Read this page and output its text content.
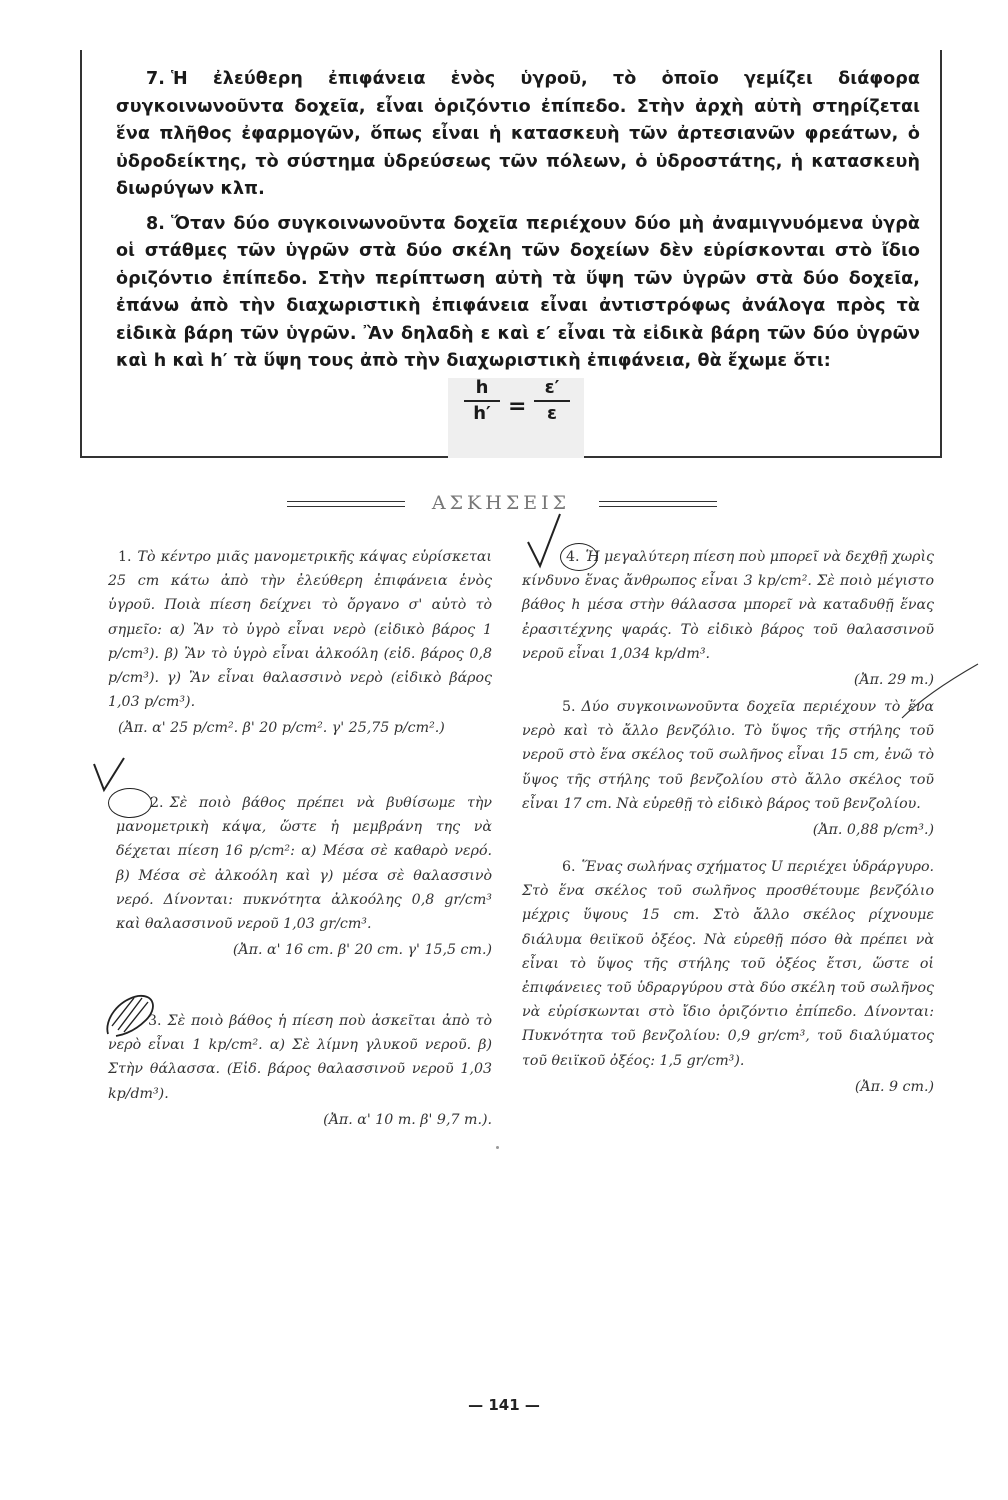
7. Ἡ ἐλεύθερη ἐπιφάνεια ἑνὸς ὑγροῦ, τὸ ὁποῖο γεμίζει διάφορα συγκοινωνοῦντα δοχεῖα, εἶναι ὁριζόντιο ἐπίπεδο. Στὴν ἀρχὴ αὐτὴ στηρίζεται ἕνα πλῆθος ἐφαρμογῶν, ὅπως εἶναι ἡ κατασκευὴ τῶν ἀρτεσιανῶν φρεάτων, ὁ ὑδροδείκτης, τὸ σύστημα ὑδρεύσεως τῶν πόλεων, ὁ ὑδροστάτης, ἡ κατασκευὴ διωρύγων κλπ.

8. Ὅταν δύο συγκοινωνοῦντα δοχεῖα περιέχουν δύο μὴ ἀναμιγνυόμενα ὑγρὰ οἱ στάθμες τῶν ὑγρῶν στὰ δύο σκέλη τῶν δοχείων δὲν εὑρίσκονται στὸ ἴδιο ὁριζόντιο ἐπίπεδο. Στὴν περίπτωση αὐτὴ τὰ ὕψη τῶν ὑγρῶν στὰ δύο δοχεῖα, ἐπάνω ἀπὸ τὴν διαχωριστικὴ ἐπιφάνεια εἶναι ἀντιστρόφως ἀνάλογα πρὸς τὰ εἰδικὰ βάρη τῶν ὑγρῶν. Ἂν δηλαδὴ ε καὶ ε′ εἶναι τὰ εἰδικὰ βάρη τῶν δύο ὑγρῶν καὶ h καὶ h′ τὰ ὕψη τους ἀπὸ τὴν διαχωριστικὴ ἐπιφάνεια, θὰ ἔχωμε ὅτι:

h
h′ =
ε′
ε
ΑΣΚΗΣΕΙΣ
1. Τὸ κέντρο μιᾶς μανομετρικῆς κάψας εὑρίσκεται 25 cm κάτω ἀπὸ τὴν ἐλεύθερη ἐπιφάνεια ἑνὸς ὑγροῦ. Ποιὰ πίεση δείχνει τὸ ὄργανο σ' αὐτὸ τὸ σημεῖο: α) Ἂν τὸ ὑγρὸ εἶναι νερὸ (εἰδικὸ βάρος 1 p/cm³). β) Ἂν τὸ ὑγρὸ εἶναι ἀλκοόλη (εἰδ. βάρος 0,8 p/cm³). γ) Ἂν εἶναι θαλασσινὸ νερὸ (εἰδικὸ βάρος 1,03 p/cm³).
(Ἀπ. α' 25 p/cm². β' 20 p/cm². γ' 25,75 p/cm².)
2. Σὲ ποιὸ βάθος πρέπει νὰ βυθίσωμε τὴν μανομετρικὴ κάψα, ὥστε ἡ μεμβράνη της νὰ δέχεται πίεση 16 p/cm²: α) Μέσα σὲ καθαρὸ νερό. β) Μέσα σὲ ἀλκοόλη καὶ γ) μέσα σὲ θαλασσινὸ νερό. Δίνονται: πυκνότητα ἀλκοόλης 0,8 gr/cm³ καὶ θαλασσινοῦ νεροῦ 1,03 gr/cm³.
(Ἀπ. α' 16 cm. β' 20 cm. γ' 15,5 cm.)
3. Σὲ ποιὸ βάθος ἡ πίεση ποὺ ἀσκεῖται ἀπὸ τὸ νερὸ εἶναι 1 kp/cm². α) Σὲ λίμνη γλυκοῦ νεροῦ. β) Στὴν θάλασσα. (Εἰδ. βάρος θαλασσινοῦ νεροῦ 1,03 kp/dm³).
(Ἀπ. α' 10 m. β' 9,7 m.).
4. Ἡ μεγαλύτερη πίεση ποὺ μπορεῖ νὰ δεχθῇ χωρὶς κίνδυνο ἕνας ἄνθρωπος εἶναι 3 kp/cm². Σὲ ποιὸ μέγιστο βάθος h μέσα στὴν θάλασσα μπορεῖ νὰ καταδυθῇ ἕνας ἐρασιτέχνης ψαράς. Τὸ εἰδικὸ βάρος τοῦ θαλασσινοῦ νεροῦ εἶναι 1,034 kp/dm³.
(Ἀπ. 29 m.)
5. Δύο συγκοινωνοῦντα δοχεῖα περιέχουν τὸ ἕνα νερὸ καὶ τὸ ἄλλο βενζόλιο. Τὸ ὕψος τῆς στήλης τοῦ νεροῦ στὸ ἕνα σκέλος τοῦ σωλῆνος εἶναι 15 cm, ἐνῶ τὸ ὕψος τῆς στήλης τοῦ βενζολίου στὸ ἄλλο σκέλος τοῦ εἶναι 17 cm. Νὰ εὑρεθῇ τὸ εἰδικὸ βάρος τοῦ βενζολίου.
(Ἀπ. 0,88 p/cm³.)
6. Ἕνας σωλήνας σχήματος U περιέχει ὑδράργυρο. Στὸ ἕνα σκέλος τοῦ σωλῆνος προσθέτουμε βενζόλιο μέχρις ὕψους 15 cm. Στὸ ἄλλο σκέλος ρίχνουμε διάλυμα θειϊκοῦ ὀξέος. Νὰ εὑρεθῇ πόσο θὰ πρέπει νὰ εἶναι τὸ ὕψος τῆς στήλης τοῦ ὀξέος ἔτσι, ὥστε οἱ ἐπιφάνειες τοῦ ὑδραργύρου στὰ δύο σκέλη τοῦ σωλῆνος νὰ εὑρίσκωνται στὸ ἴδιο ὁριζόντιο ἐπίπεδο. Δίνονται: Πυκνότητα τοῦ βενζολίου: 0,9 gr/cm³, τοῦ διαλύματος τοῦ θειϊκοῦ ὀξέος: 1,5 gr/cm³).
(Ἀπ. 9 cm.)
— 141 —
